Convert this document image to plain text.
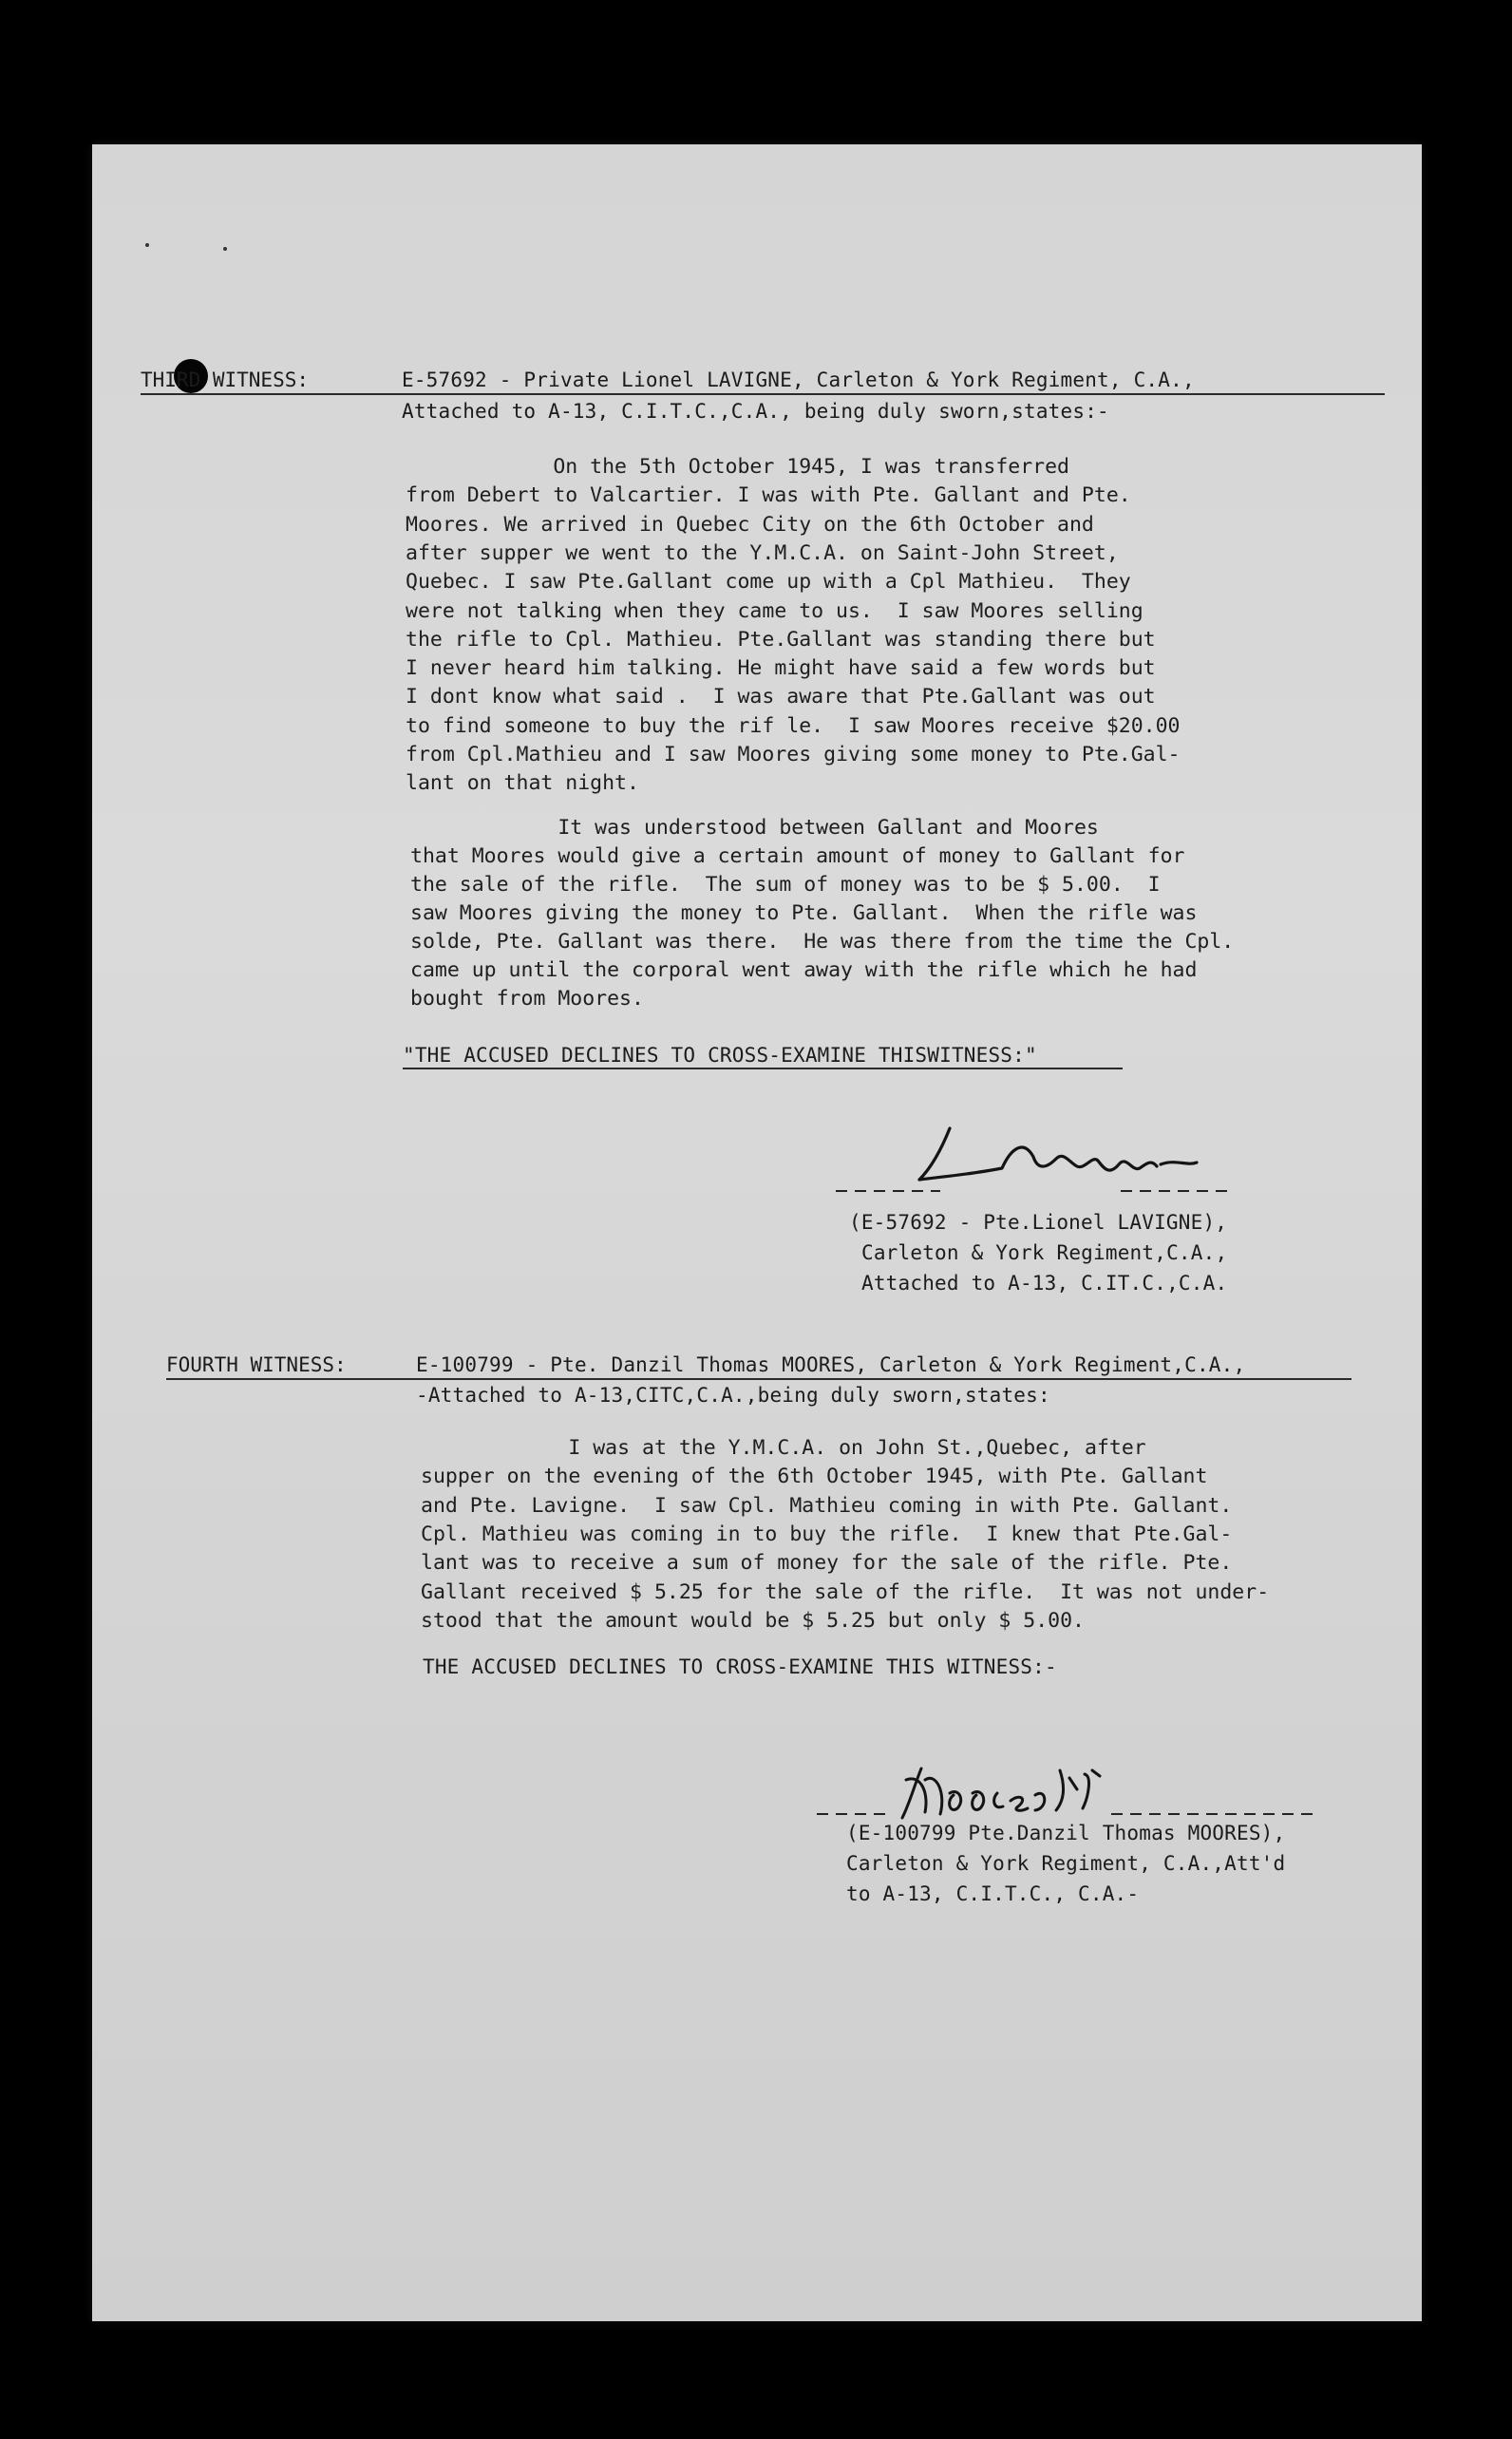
THIRD WITNESS:	E-57692 - Private Lionel LAVIGNE, Carleton & York Regiment, C.A.,
Attached to A-13, C.I.T.C.,C.A., being duly sworn,states:-
On the 5th October 1945, I was transferred
from Debert to Valcartier. I was with Pte. Gallant and Pte.
Moores. We arrived in Quebec City on the 6th October and
after supper we went to the Y.M.C.A. on Saint-John Street,
Quebec. I saw Pte.Gallant come up with a Cpl Mathieu.  They
were not talking when they came to us.  I saw Moores selling
the rifle to Cpl. Mathieu. Pte.Gallant was standing there but
I never heard him talking. He might have said a few words but
I dont know what said .  I was aware that Pte.Gallant was out
to find someone to buy the rif le.  I saw Moores receive $20.00
from Cpl.Mathieu and I saw Moores giving some money to Pte.Gal-
lant on that night.
It was understood between Gallant and Moores
that Moores would give a certain amount of money to Gallant for
the sale of the rifle.  The sum of money was to be $ 5.00.  I
saw Moores giving the money to Pte. Gallant.  When the rifle was
solde, Pte. Gallant was there.  He was there from the time the Cpl.
came up until the corporal went away with the rifle which he had
bought from Moores.
"THE ACCUSED DECLINES TO CROSS-EXAMINE THISWITNESS:"
(E-57692 - Pte.Lionel LAVIGNE),
Carleton & York Regiment,C.A.,
Attached to A-13, C.IT.C.,C.A.
FOURTH WITNESS:	E-100799 - Pte. Danzil Thomas MOORES, Carleton & York Regiment,C.A.,
-Attached to A-13,CITC,C.A.,being duly sworn,states:
I was at the Y.M.C.A. on John St.,Quebec, after
supper on the evening of the 6th October 1945, with Pte. Gallant
and Pte. Lavigne.  I saw Cpl. Mathieu coming in with Pte. Gallant.
Cpl. Mathieu was coming in to buy the rifle.  I knew that Pte.Gal-
lant was to receive a sum of money for the sale of the rifle. Pte.
Gallant received $ 5.25 for the sale of the rifle.  It was not under-
stood that the amount would be $ 5.25 but only $ 5.00.
THE ACCUSED DECLINES TO CROSS-EXAMINE THIS WITNESS:-
(E-100799 Pte.Danzil Thomas MOORES),
Carleton & York Regiment, C.A.,Att'd
to A-13, C.I.T.C., C.A.-
